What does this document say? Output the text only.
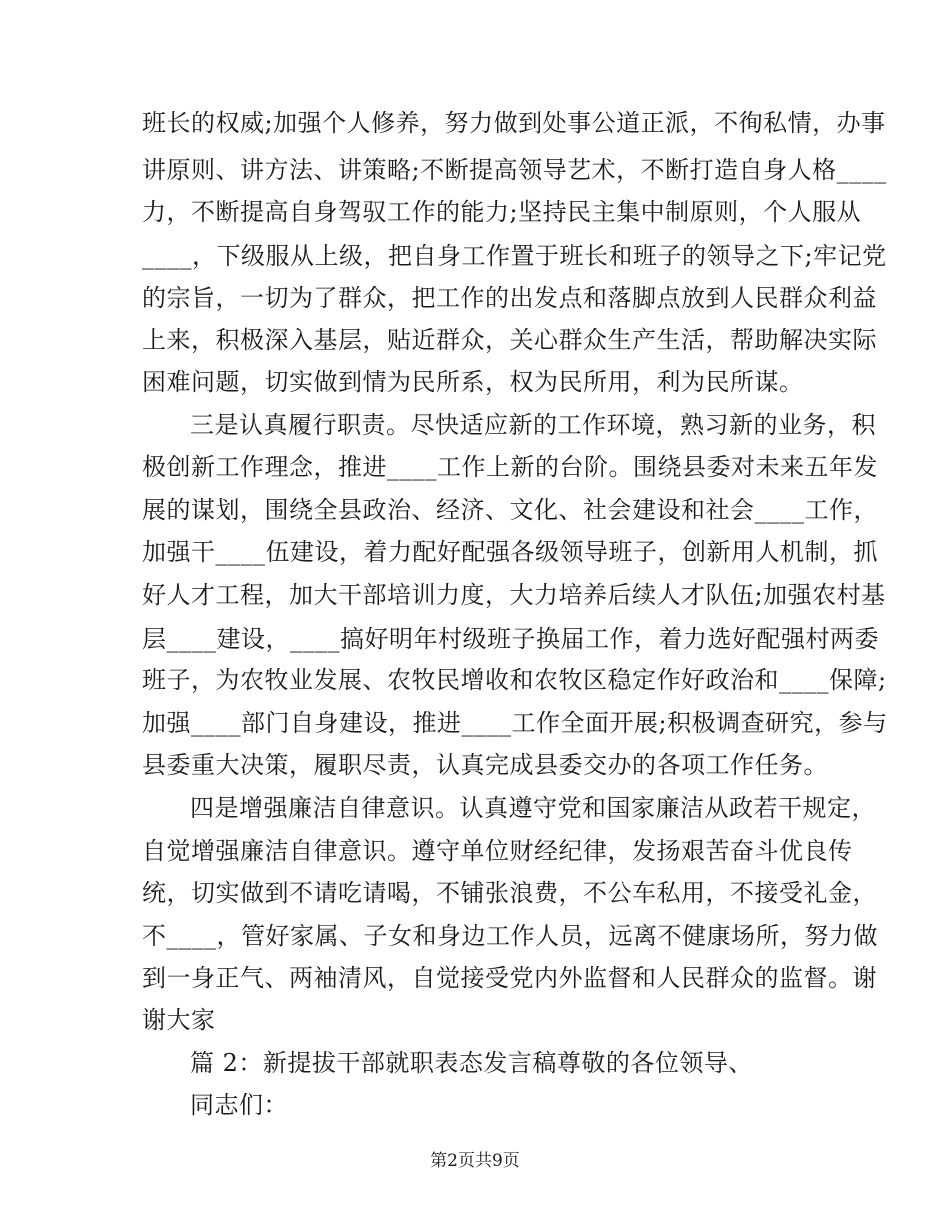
班长的权威;加强个人修养，努力做到处事公道正派，不徇私情，办事
讲原则、讲方法、讲策略;不断提高领导艺术，不断打造自身人格____
力，不断提高自身驾驭工作的能力;坚持民主集中制原则，个人服从
____，下级服从上级，把自身工作置于班长和班子的领导之下;牢记党
的宗旨，一切为了群众，把工作的出发点和落脚点放到人民群众利益
上来，积极深入基层，贴近群众，关心群众生产生活，帮助解决实际
困难问题，切实做到情为民所系，权为民所用，利为民所谋。
三是认真履行职责。尽快适应新的工作环境，熟习新的业务，积
极创新工作理念，推进____工作上新的台阶。围绕县委对未来五年发
展的谋划，围绕全县政治、经济、文化、社会建设和社会____工作，
加强干____伍建设，着力配好配强各级领导班子，创新用人机制，抓
好人才工程，加大干部培训力度，大力培养后续人才队伍;加强农村基
层____建设，____搞好明年村级班子换届工作，着力选好配强村两委
班子，为农牧业发展、农牧民增收和农牧区稳定作好政治和____保障;
加强____部门自身建设，推进____工作全面开展;积极调查研究，参与
县委重大决策，履职尽责，认真完成县委交办的各项工作任务。
四是增强廉洁自律意识。认真遵守党和国家廉洁从政若干规定，
自觉增强廉洁自律意识。遵守单位财经纪律，发扬艰苦奋斗优良传
统，切实做到不请吃请喝，不铺张浪费，不公车私用，不接受礼金，
不____，管好家属、子女和身边工作人员，远离不健康场所，努力做
到一身正气、两袖清风，自觉接受党内外监督和人民群众的监督。谢
谢大家
篇 2：新提拔干部就职表态发言稿尊敬的各位领导、
同志们：
第2页共9页
